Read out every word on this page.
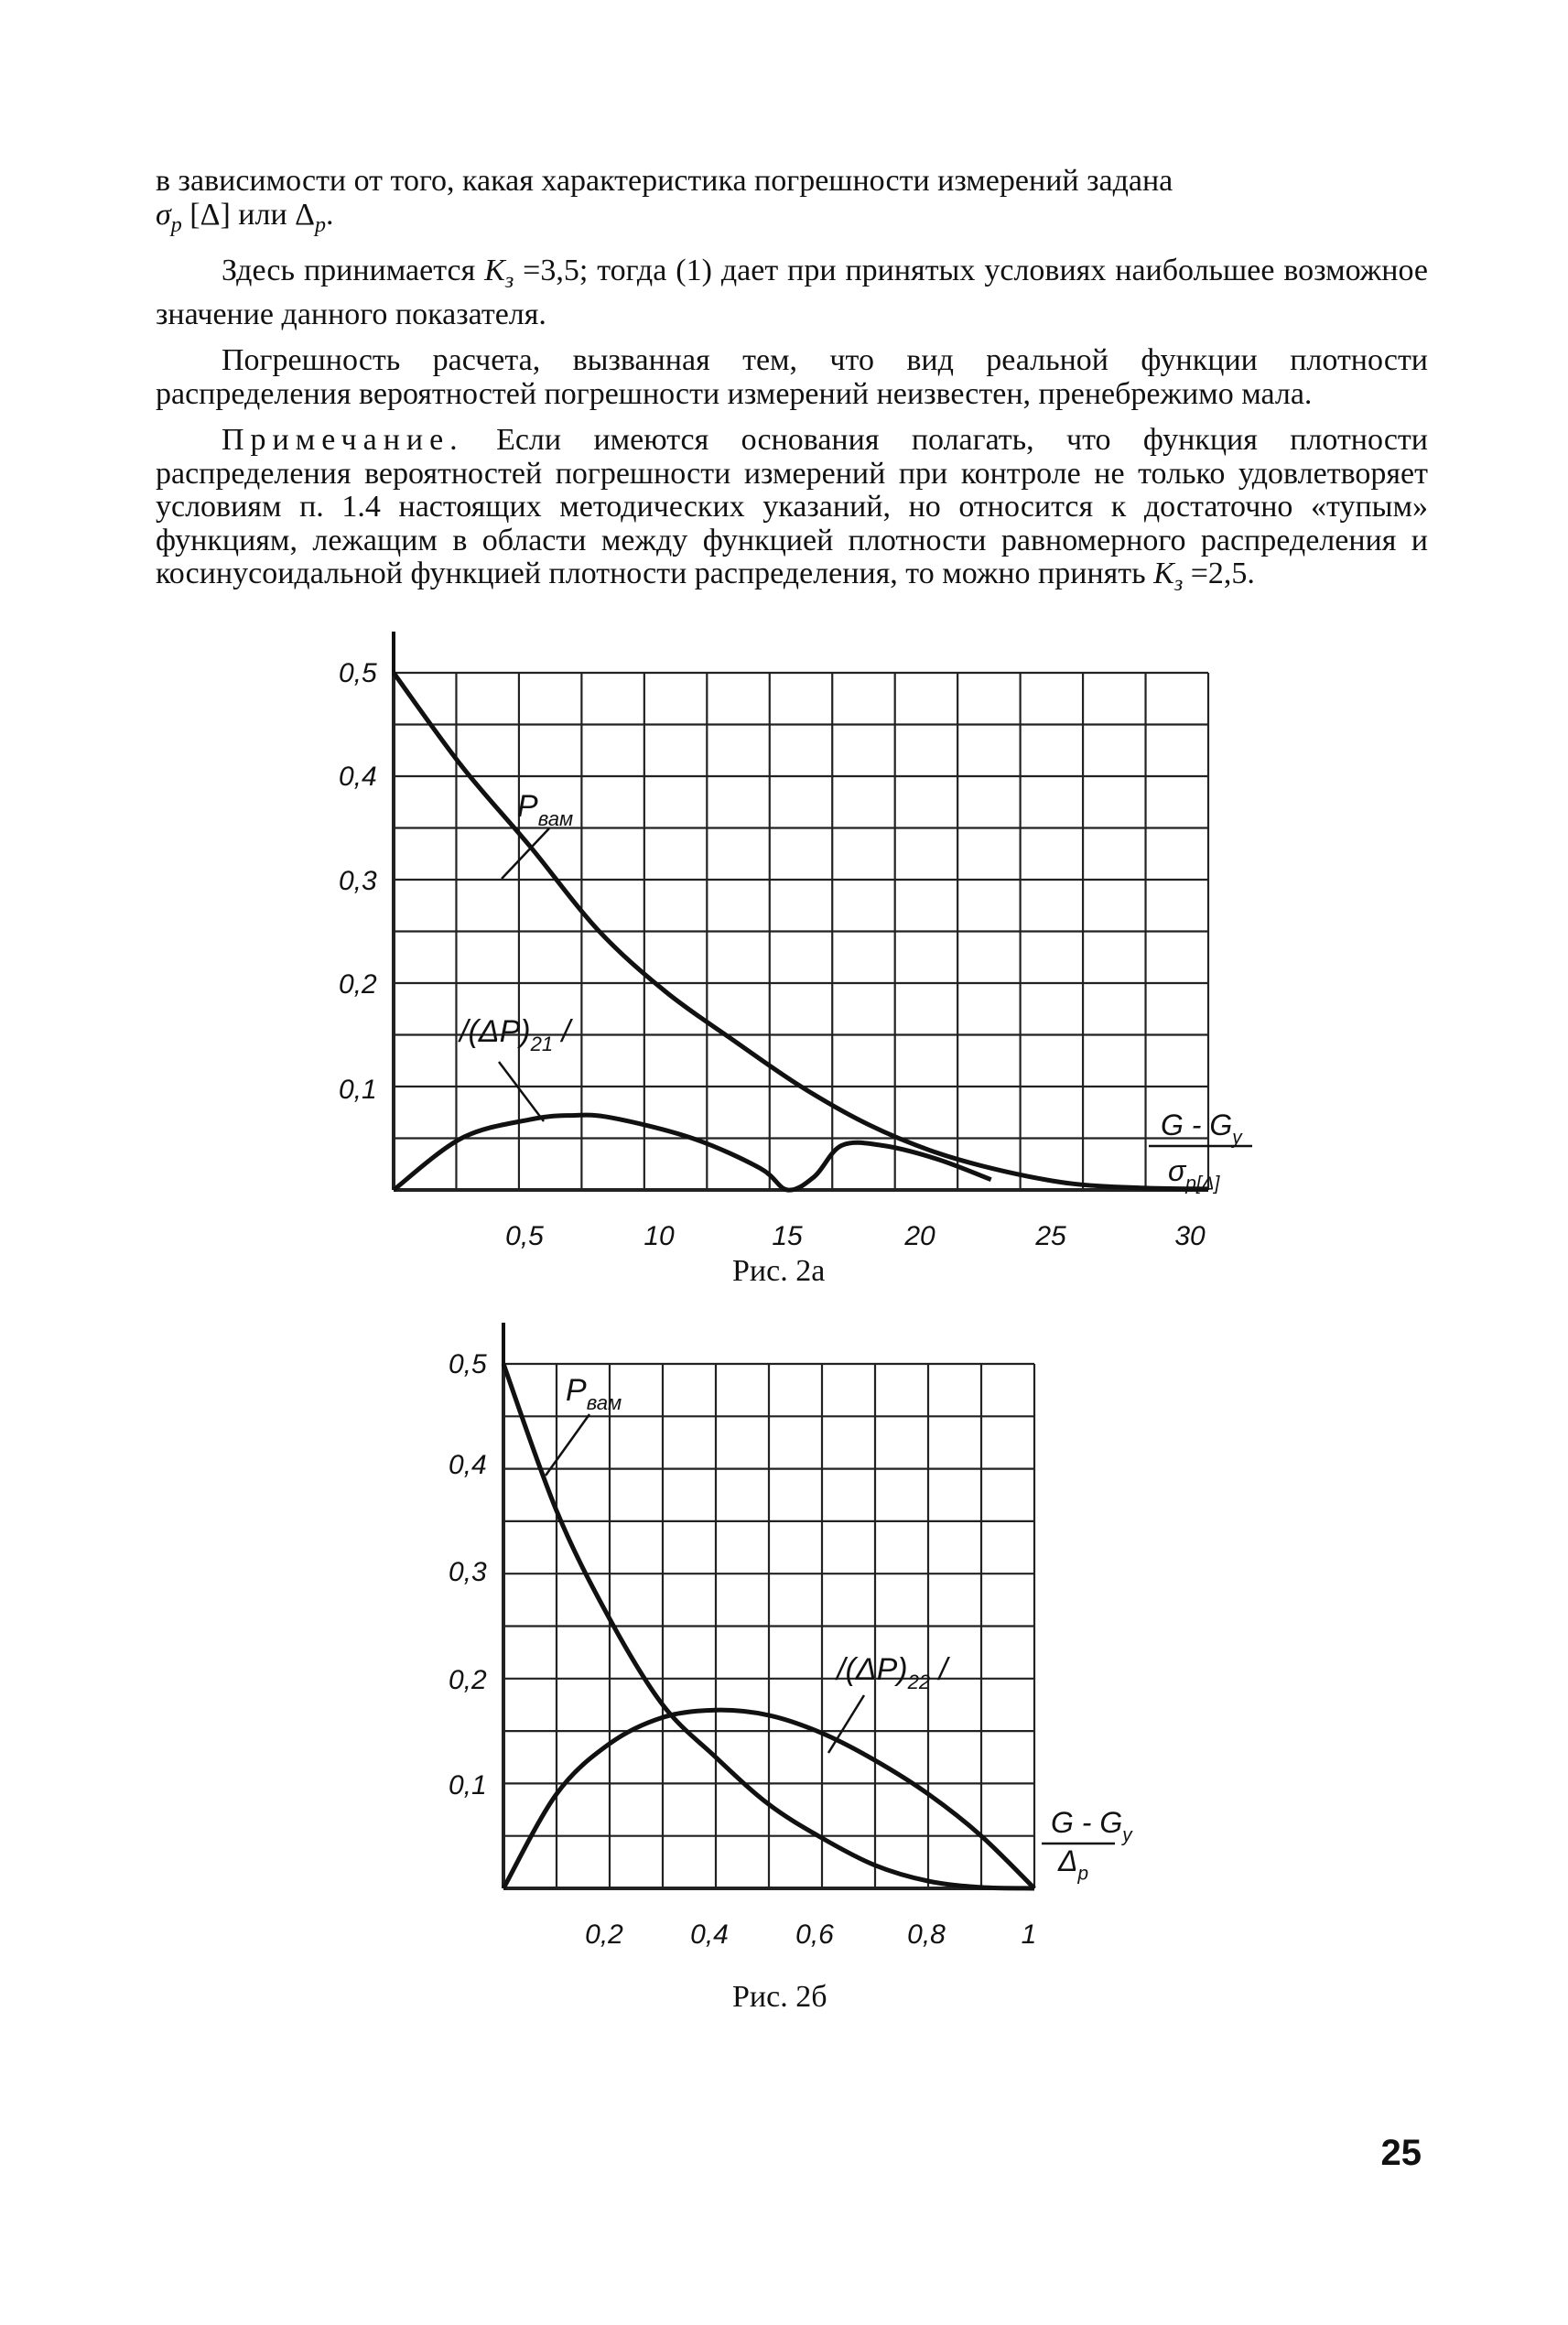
в зависимости от того, какая характеристика погрешности измерений задана
$\sigma_p$ [Δ] или $\Delta_p$.

Здесь принимается $K_з =3,5$; тогда (1) дает при принятых условиях наибольшее возможное значение данного показателя.

Погрешность расчета, вызванная тем, что вид реальной функции плотности распределения вероятностей погрешности измерений неизвестен, пренебрежимо мала.

Примечание. Если имеются основания полагать, что функция плотности распределения вероятностей погрешности измерений при контроле не только удовлетворяет условиям п. 1.4 настоящих методических указаний, но относится к достаточно «тупым» функциям, лежащим в области между функцией плотности равномерного распределения и косинусоидальной функцией плотности распределения, то можно принять $K_з =2,5$.

0,5
0,4
0,3
0,2
0,1
0,5	10	15	20	25	30
$P_{вам}$
$/(\Delta P)_{21}$ /
G - $G_y$
$\sigma_{p[\Delta]}$
0,5
0,4
0,3
0,2
0,1
0,2 0,4 0,6	0,8	1
$P_{вам}$
$/(\Delta P)_{22}$ /
G - $G_y$
$\Delta_p$
Рис. 2а
Рис. 2б
25
